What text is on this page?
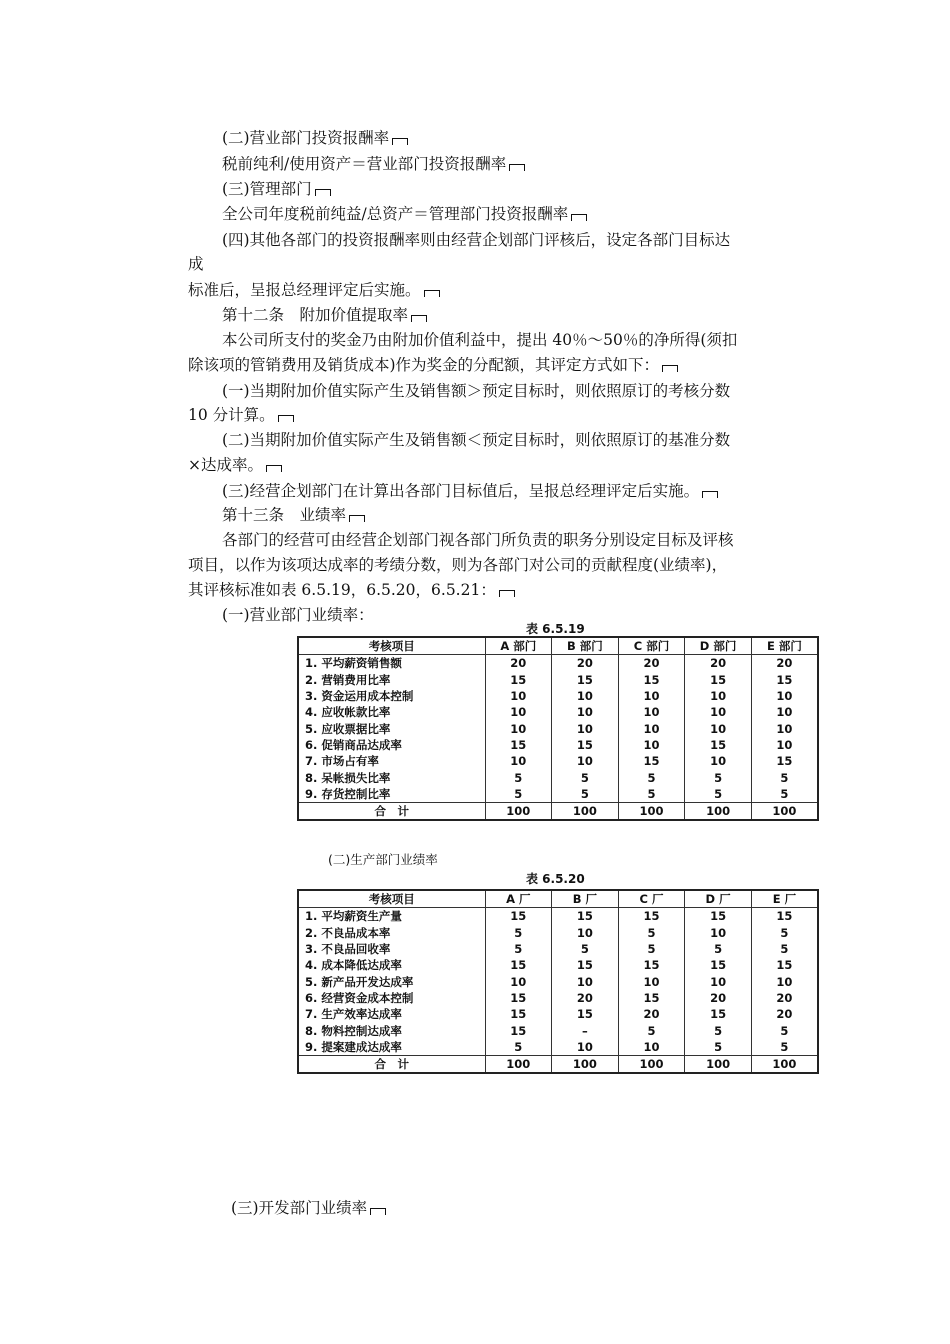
(二)营业部门投资报酬率
税前纯利/使用资产＝营业部门投资报酬率
(三)管理部门
全公司年度税前纯益/总资产＝管理部门投资报酬率
(四)其他各部门的投资报酬率则由经营企划部门评核后，设定各部门目标达
成
标准后，呈报总经理评定后实施。
第十二条　附加价值提取率
本公司所支付的奖金乃由附加价值利益中，提出 40％～50％的净所得(须扣
除该项的管销费用及销货成本)作为奖金的分配额，其评定方式如下：
(一)当期附加价值实际产生及销售额＞预定目标时，则依照原订的考核分数
10 分计算。
(二)当期附加价值实际产生及销售额＜预定目标时，则依照原订的基准分数
×达成率。
(三)经营企划部门在计算出各部门目标值后，呈报总经理评定后实施。
第十三条　业绩率
各部门的经营可由经营企划部门视各部门所负责的职务分别设定目标及评核
项目，以作为该项达成率的考绩分数，则为各部门对公司的贡献程度(业绩率)，
其评核标准如表 6.5.19，6.5.20，6.5.21：
(一)营业部门业绩率：
表 6.5.19
考核项目	A 部门	B 部门	C 部门	D 部门	E 部门
1. 平均薪资销售额	20	20	20	20	20
2. 营销费用比率	15	15	15	15	15
3. 资金运用成本控制	10	10	10	10	10
4. 应收帐款比率	10	10	10	10	10
5. 应收票据比率	10	10	10	10	10
6. 促销商品达成率	15	15	10	15	10
7. 市场占有率	10	10	15	10	15
8. 呆帐损失比率	5	5	5	5	5
9. 存货控制比率	5	5	5	5	5
合　计	100	100	100	100	100
(二)生产部门业绩率
表 6.5.20
考核项目	A 厂	B 厂	C 厂	D 厂	E 厂
1. 平均薪资生产量	15	15	15	15	15
2. 不良品成本率	5	10	5	10	5
3. 不良品回收率	5	5	5	5	5
4. 成本降低达成率	15	15	15	15	15
5. 新产品开发达成率	10	10	10	10	10
6. 经营资金成本控制	15	20	15	20	20
7. 生产效率达成率	15	15	20	15	20
8. 物料控制达成率	15	–	5	5	5
9. 提案建成达成率	5	10	10	5	5
合　计	100	100	100	100	100
(三)开发部门业绩率
